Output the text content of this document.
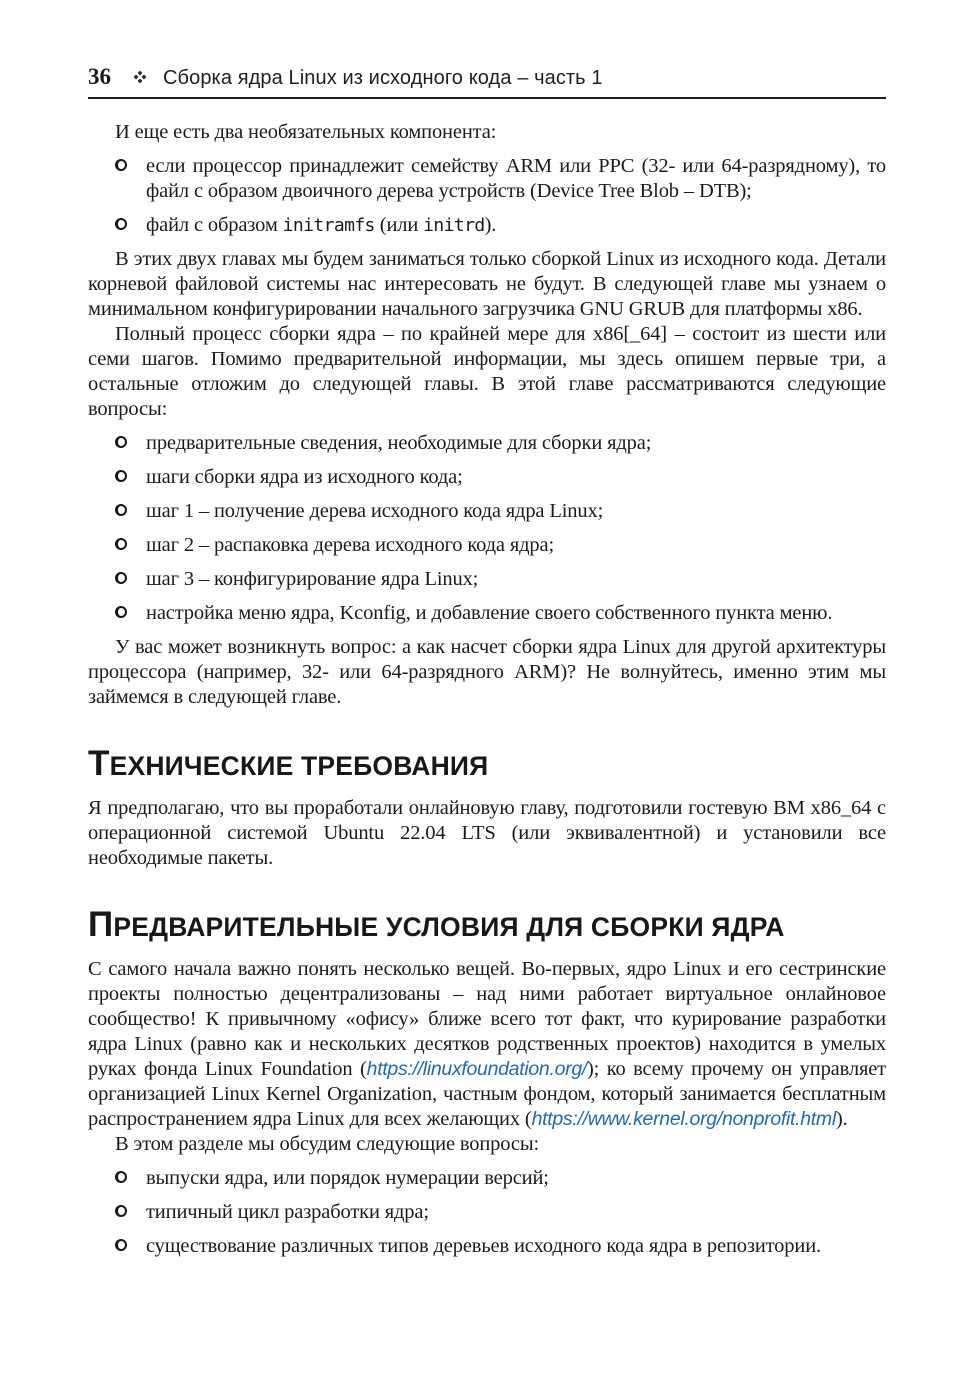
36	Сборка ядра Linux из исходного кода – часть 1

И еще есть два необязательных компонента:

если процессор принадлежит семейству ARM или PPC (32- или 64-разрядному), то файл с образом двоичного дерева устройств (Device Tree Blob – DTB);
файл с образом initramfs (или initrd).

В этих двух главах мы будем заниматься только сборкой Linux из исходного кода. Детали корневой файловой системы нас интересовать не будут. В следующей главе мы узнаем о минимальном конфигурировании начального загрузчика GNU GRUB для платформы x86.

Полный процесс сборки ядра – по крайней мере для x86[_64] – состоит из шести или семи шагов. Помимо предварительной информации, мы здесь опишем первые три, а остальные отложим до следующей главы. В этой главе рассматриваются следующие вопросы:

предварительные сведения, необходимые для сборки ядра;
шаги сборки ядра из исходного кода;
шаг 1 – получение дерева исходного кода ядра Linux;
шаг 2 – распаковка дерева исходного кода ядра;
шаг 3 – конфигурирование ядра Linux;
настройка меню ядра, Kconfig, и добавление своего собственного пункта меню.

У вас может возникнуть вопрос: а как насчет сборки ядра Linux для другой архитектуры процессора (например, 32- или 64-разрядного ARM)? Не волнуйтесь, именно этим мы займемся в следующей главе.

ТЕХНИЧЕСКИЕ ТРЕБОВАНИЯ

Я предполагаю, что вы проработали онлайновую главу, подготовили гостевую ВМ x86_64 с операционной системой Ubuntu 22.04 LTS (или эквивалентной) и установили все необходимые пакеты.

ПРЕДВАРИТЕЛЬНЫЕ УСЛОВИЯ ДЛЯ СБОРКИ ЯДРА

С самого начала важно понять несколько вещей. Во-первых, ядро Linux и его сестринские проекты полностью децентрализованы – над ними работает виртуальное онлайновое сообщество! К привычному «офису» ближе всего тот факт, что курирование разработки ядра Linux (равно как и нескольких десятков родственных проектов) находится в умелых руках фонда Linux Foundation (https://linuxfoundation.org/); ко всему прочему он управляет организацией Linux Kernel Organization, частным фондом, который занимается бесплатным распространением ядра Linux для всех желающих (https://www.kernel.org/nonprofit.html).

В этом разделе мы обсудим следующие вопросы:

выпуски ядра, или порядок нумерации версий;
типичный цикл разработки ядра;
существование различных типов деревьев исходного кода ядра в репозитории.
